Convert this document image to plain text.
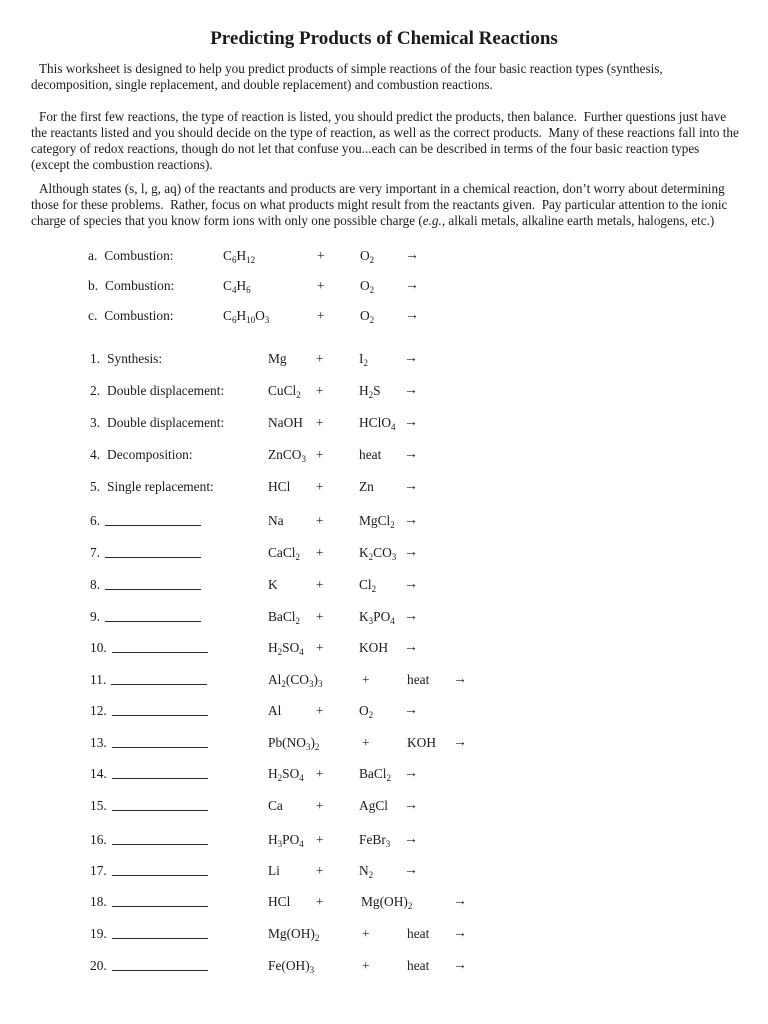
Predicting Products of Chemical Reactions
This worksheet is designed to help you predict products of simple reactions of the four basic reaction types (synthesis, decomposition, single replacement, and double replacement) and combustion reactions.
For the first few reactions, the type of reaction is listed, you should predict the products, then balance.  Further questions just have the reactants listed and you should decide on the type of reaction, as well as the correct products.  Many of these reactions fall into the category of redox reactions, though do not let that confuse you...each can be described in terms of the four basic reaction types (except the combustion reactions).
Although states (s, l, g, aq) of the reactants and products are very important in a chemical reaction, don’t worry about determining those for these problems.  Rather, focus on what products might result from the reactants given.  Pay particular attention to the ionic charge of species that you know form ions with only one possible charge (e.g., alkali metals, alkaline earth metals, halogens, etc.)
a. Combustion:	$C_6H_{12}$	+	$O_2$ →
b. Combustion:	$C_4H_6$	+	$O_2$ →
c. Combustion:	$C_6H_{10}O_3$	+	$O_2$ →
1. Synthesis:	Mg +	$I_2$	→
2. Double displacement:	CuCl$_2$ +	$H_2S$ →
3. Double displacement:	NaOH +	HClO$_4$ →
4. Decomposition:	ZnCO$_3$ +	heat →
5. Single replacement:	HCl +	Zn →
6.	Na +	MgCl$_2$ →
7.	CaCl$_2$ +	$K_2CO_3$ →
8.	K	+	$Cl_2$ →
9.	BaCl$_2$ +	$K_3PO_4$ →
10.	$H_2SO_4$ +	KOH →
11.	$Al_2(CO_3)_3$	+	heat →
12.	Al	+	$O_2$ →
13.	$Pb(NO_3)_2$	+	KOH →
14.	$H_2SO_4$ +	BaCl$_2$ →
15.	Ca +	AgCl →
16.	$H_3PO_4$ +	FeBr$_3$ →
17.	Li	+	$N_2$ →
18.	HCl +	$Mg(OH)_2$	→
19.	$Mg(OH)_2$	+	heat →
20.	$Fe(OH)_3$	+	heat →
